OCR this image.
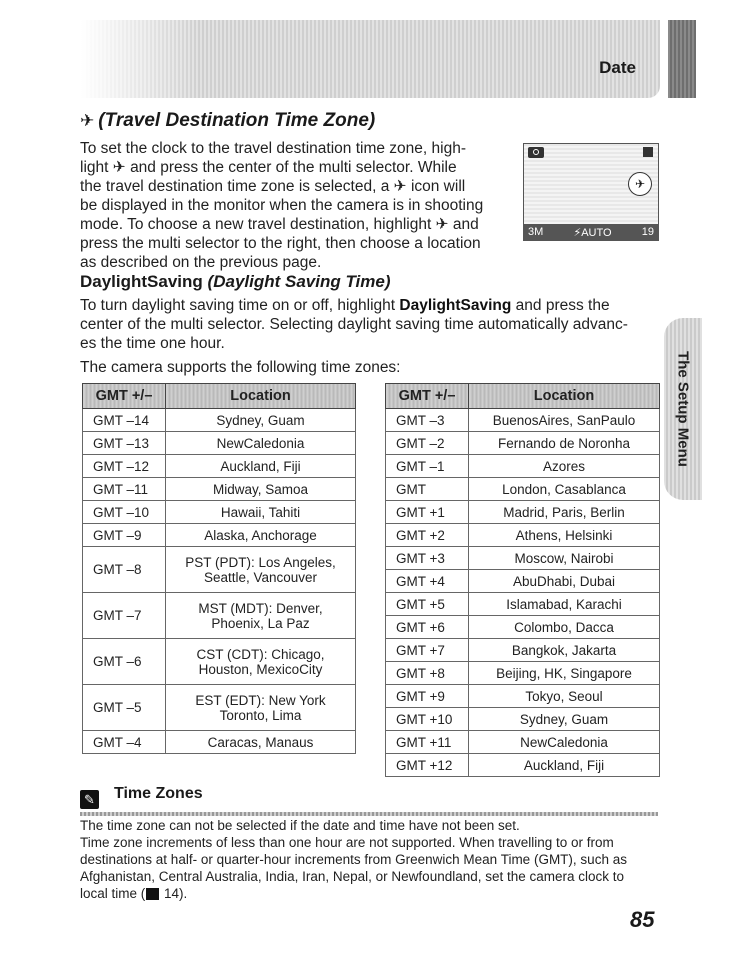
Date
The Setup Menu
✈ (Travel Destination Time Zone)
To set the clock to the travel destination time zone, high-
light ✈ and press the center of the multi selector. While
the travel destination time zone is selected, a ✈ icon will
be displayed in the monitor when the camera is in shooting
mode. To choose a new travel destination, highlight ✈ and
press the multi selector to the right, then choose a location
as described on the previous page.
✈
3M	⚡AUTO	19
DaylightSaving (Daylight Saving Time)
To turn daylight saving time on or off, highlight DaylightSaving and press the
center of the multi selector. Selecting daylight saving time automatically advanc-
es the time one hour.
The camera supports the following time zones:
GMT +/–	Location
GMT –14	Sydney, Guam

GMT –13	NewCaledonia

GMT –12	Auckland, Fiji

GMT –11	Midway, Samoa

GMT –10	Hawaii, Tahiti

GMT –9	Alaska, Anchorage

GMT –8	PST (PDT): Los Angeles,
Seattle, Vancouver

GMT –7	MST (MDT): Denver,
Phoenix, La Paz

GMT –6	CST (CDT): Chicago,
Houston, MexicoCity

GMT –5	EST (EDT): New York
Toronto, Lima

GMT –4	Caracas, Manaus
GMT +/–	Location
GMT –3	BuenosAires, SanPaulo
GMT –2	Fernando de Noronha
GMT –1	Azores
GMT	London, Casablanca
GMT +1	Madrid, Paris, Berlin
GMT +2	Athens, Helsinki
GMT +3	Moscow, Nairobi
GMT +4	AbuDhabi, Dubai
GMT +5	Islamabad, Karachi
GMT +6	Colombo, Dacca
GMT +7	Bangkok, Jakarta
GMT +8	Beijing, HK, Singapore
GMT +9	Tokyo, Seoul
GMT +10	Sydney, Guam
GMT +11	NewCaledonia
GMT +12	Auckland, Fiji
✎ Time Zones
The time zone can not be selected if the date and time have not been set.
Time zone increments of less than one hour are not supported. When travelling to or from
destinations at half- or quarter-hour increments from Greenwich Mean Time (GMT), such as
Afghanistan, Central Australia, India, Iran, Nepal, or Newfoundland, set the camera clock to
local time ( 14).
85
